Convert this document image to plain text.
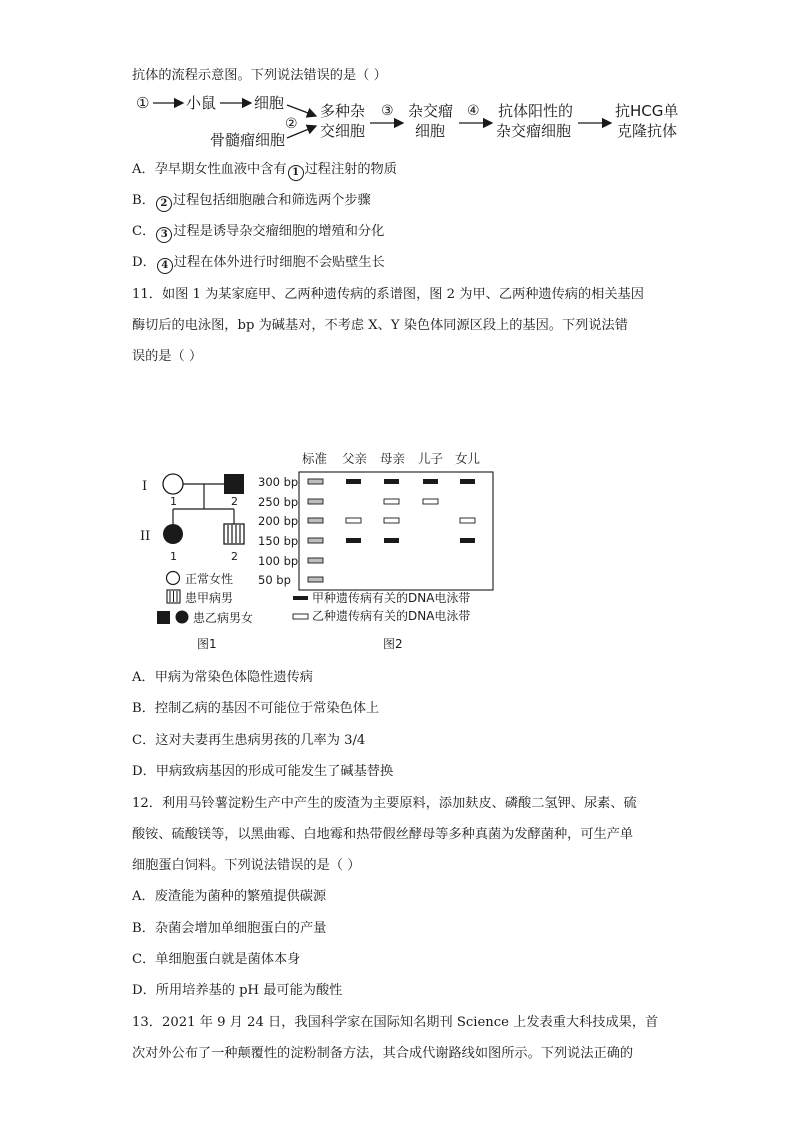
抗体的流程示意图。下列说法错误的是（ ）
① 小鼠	细胞
骨髓瘤细胞
②
多种杂
交细胞
③ 杂交瘤
细胞
④ 抗体阳性的
杂交瘤细胞
抗HCG单
克隆抗体
A．孕早期女性血液中含有 1 过程注射的物质
B． 2 过程包括细胞融合和筛选两个步骤
C． 3 过程是诱导杂交瘤细胞的增殖和分化
D． 4 过程在体外进行时细胞不会贴壁生长
11．如图 1 为某家庭甲、乙两种遗传病的系谱图，图 2 为甲、乙两种遗传病的相关基因
酶切后的电泳图，bp 为碱基对，不考虑 X、Y 染色体同源区段上的基因。下列说法错
误的是（ ）
I
1	2
II
1	2
正常女性
患甲病男
患乙病男女
图1
标准 父亲 母亲 儿子 女儿
300 bp
250 bp
200 bp
150 bp
100 bp
50 bp
甲种遗传病有关的DNA电泳带
乙种遗传病有关的DNA电泳带
图2
A．甲病为常染色体隐性遗传病
B．控制乙病的基因不可能位于常染色体上
C．这对夫妻再生患病男孩的几率为 3/4
D．甲病致病基因的形成可能发生了碱基替换
12．利用马铃薯淀粉生产中产生的废渣为主要原料，添加麸皮、磷酸二氢钾、尿素、硫
酸铵、硫酸镁等，以黑曲霉、白地霉和热带假丝酵母等多种真菌为发酵菌种，可生产单
细胞蛋白饲料。下列说法错误的是（ ）
A．废渣能为菌种的繁殖提供碳源
B．杂菌会增加单细胞蛋白的产量
C．单细胞蛋白就是菌体本身
D．所用培养基的 pH 最可能为酸性
13．2021 年 9 月 24 日，我国科学家在国际知名期刊 Science 上发表重大科技成果，首
次对外公布了一种颠覆性的淀粉制备方法，其合成代谢路线如图所示。下列说法正确的
